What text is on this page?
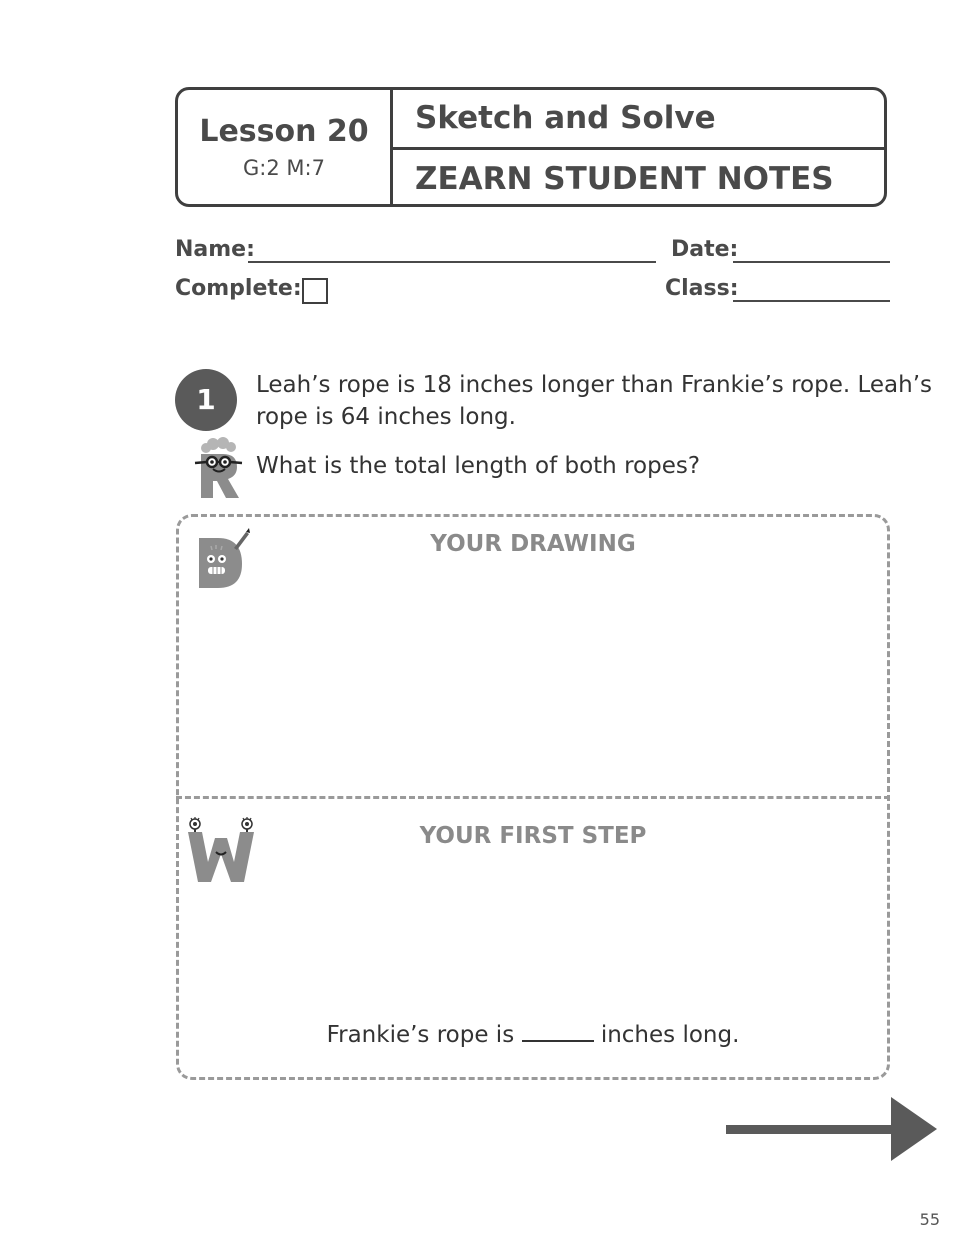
Lesson 20
G:2 M:7
Sketch and Solve
ZEARN STUDENT NOTES
Name:	Date:
Complete:	Class:
1	Leah’s rope is 18 inches longer than Frankie’s rope. Leah’s
rope is 64 inches long.
What is the total length of both ropes?
YOUR DRAWING
YOUR FIRST STEP
Frankie’s rope is	inches long.
55
